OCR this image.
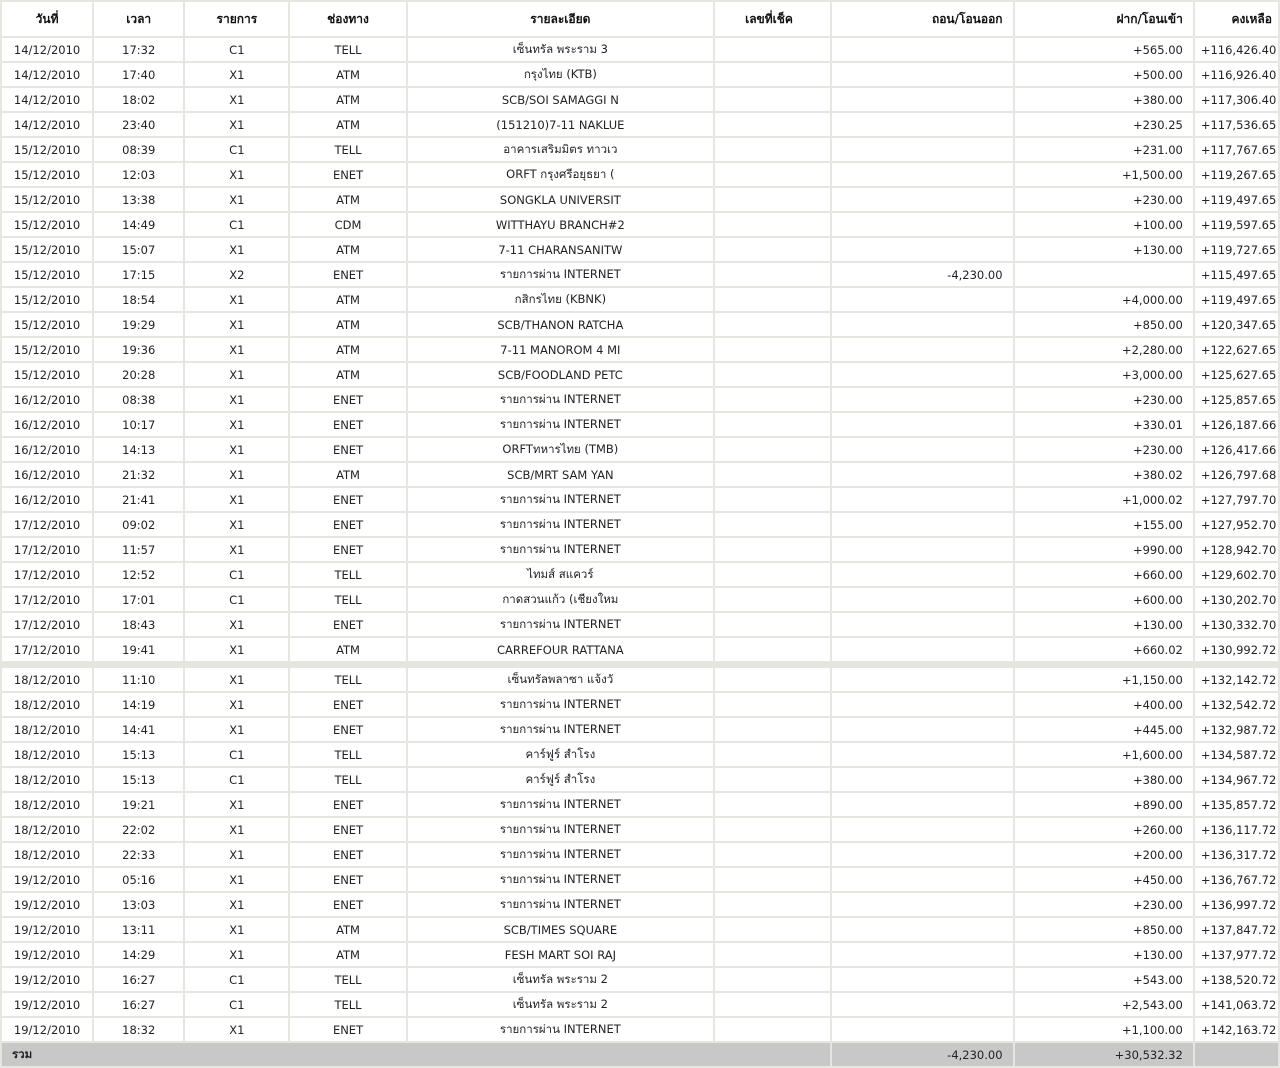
วันที่	เวลา	รายการ	ช่องทาง	รายละเอียด	เลขที่เช็ค	ถอน/โอนออก	ฝาก/โอนเข้า	คงเหลือ
14/12/2010	17:32	C1	TELL	เซ็นทรัล พระราม 3			+565.00	+116,426.40
14/12/2010	17:40	X1	ATM	กรุงไทย (KTB)			+500.00	+116,926.40
14/12/2010	18:02	X1	ATM	SCB/SOI SAMAGGI N			+380.00	+117,306.40
14/12/2010	23:40	X1	ATM	(151210)7-11 NAKLUE			+230.25	+117,536.65
15/12/2010	08:39	C1	TELL	อาคารเสริมมิตร ทาวเว			+231.00	+117,767.65
15/12/2010	12:03	X1	ENET	ORFT กรุงศรีอยุธยา (			+1,500.00	+119,267.65
15/12/2010	13:38	X1	ATM	SONGKLA UNIVERSIT			+230.00	+119,497.65
15/12/2010	14:49	C1	CDM	WITTHAYU BRANCH#2			+100.00	+119,597.65
15/12/2010	15:07	X1	ATM	7-11 CHARANSANITW			+130.00	+119,727.65
15/12/2010	17:15	X2	ENET	รายการผ่าน INTERNET		-4,230.00		+115,497.65
15/12/2010	18:54	X1	ATM	กสิกรไทย (KBNK)			+4,000.00	+119,497.65
15/12/2010	19:29	X1	ATM	SCB/THANON RATCHA			+850.00	+120,347.65
15/12/2010	19:36	X1	ATM	7-11 MANOROM 4 MI			+2,280.00	+122,627.65
15/12/2010	20:28	X1	ATM	SCB/FOODLAND PETC			+3,000.00	+125,627.65
16/12/2010	08:38	X1	ENET	รายการผ่าน INTERNET			+230.00	+125,857.65
16/12/2010	10:17	X1	ENET	รายการผ่าน INTERNET			+330.01	+126,187.66
16/12/2010	14:13	X1	ENET	ORFTทหารไทย (TMB)			+230.00	+126,417.66
16/12/2010	21:32	X1	ATM	SCB/MRT SAM YAN			+380.02	+126,797.68
16/12/2010	21:41	X1	ENET	รายการผ่าน INTERNET			+1,000.02	+127,797.70
17/12/2010	09:02	X1	ENET	รายการผ่าน INTERNET			+155.00	+127,952.70
17/12/2010	11:57	X1	ENET	รายการผ่าน INTERNET			+990.00	+128,942.70
17/12/2010	12:52	C1	TELL	ไทมส์ สแควร์			+660.00	+129,602.70
17/12/2010	17:01	C1	TELL	กาดสวนแก้ว (เชียงใหม			+600.00	+130,202.70
17/12/2010	18:43	X1	ENET	รายการผ่าน INTERNET			+130.00	+130,332.70
17/12/2010	19:41	X1	ATM	CARREFOUR RATTANA			+660.02	+130,992.72

18/12/2010	11:10	X1	TELL	เซ็นทรัลพลาซา แจ้งวั			+1,150.00	+132,142.72
18/12/2010	14:19	X1	ENET	รายการผ่าน INTERNET			+400.00	+132,542.72
18/12/2010	14:41	X1	ENET	รายการผ่าน INTERNET			+445.00	+132,987.72
18/12/2010	15:13	C1	TELL	คาร์ฟูร์ สำโรง			+1,600.00	+134,587.72
18/12/2010	15:13	C1	TELL	คาร์ฟูร์ สำโรง			+380.00	+134,967.72
18/12/2010	19:21	X1	ENET	รายการผ่าน INTERNET			+890.00	+135,857.72
18/12/2010	22:02	X1	ENET	รายการผ่าน INTERNET			+260.00	+136,117.72
18/12/2010	22:33	X1	ENET	รายการผ่าน INTERNET			+200.00	+136,317.72
19/12/2010	05:16	X1	ENET	รายการผ่าน INTERNET			+450.00	+136,767.72
19/12/2010	13:03	X1	ENET	รายการผ่าน INTERNET			+230.00	+136,997.72
19/12/2010	13:11	X1	ATM	SCB/TIMES SQUARE			+850.00	+137,847.72
19/12/2010	14:29	X1	ATM	FESH MART SOI RAJ			+130.00	+137,977.72
19/12/2010	16:27	C1	TELL	เซ็นทรัล พระราม 2			+543.00	+138,520.72
19/12/2010	16:27	C1	TELL	เซ็นทรัล พระราม 2			+2,543.00	+141,063.72
19/12/2010	18:32	X1	ENET	รายการผ่าน INTERNET			+1,100.00	+142,163.72
รวม						-4,230.00	+30,532.32	
